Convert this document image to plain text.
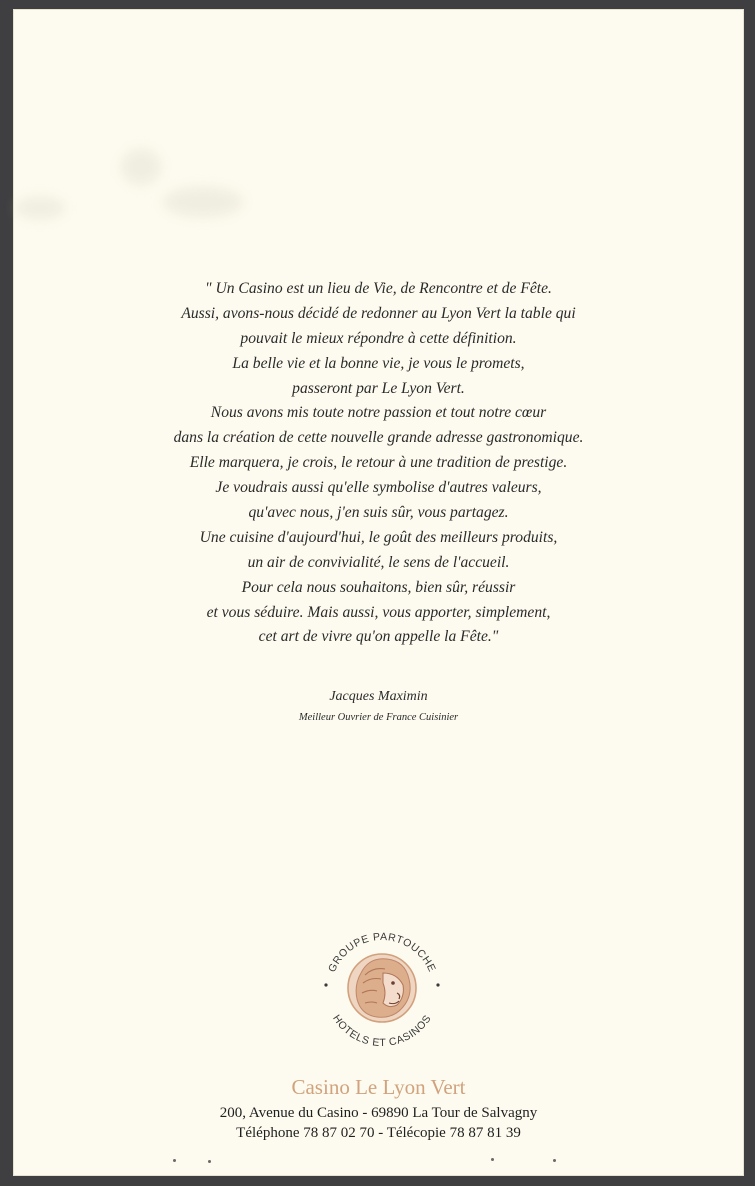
" Un Casino est un lieu de Vie, de Rencontre et de Fête.
Aussi, avons-nous décidé de redonner au Lyon Vert la table qui
pouvait le mieux répondre à cette définition.
La belle vie et la bonne vie, je vous le promets,
passeront par Le Lyon Vert.
Nous avons mis toute notre passion et tout notre cœur
dans la création de cette nouvelle grande adresse gastronomique.
Elle marquera, je crois, le retour à une tradition de prestige.
Je voudrais aussi qu'elle symbolise d'autres valeurs,
qu'avec nous, j'en suis sûr, vous partagez.
Une cuisine d'aujourd'hui, le goût des meilleurs produits,
un air de convivialité, le sens de l'accueil.
Pour cela nous souhaitons, bien sûr, réussir
et vous séduire. Mais aussi, vous apporter, simplement,
cet art de vivre qu'on appelle la Fête."
Jacques Maximin
Meilleur Ouvrier de France Cuisinier
GROUPE PARTOUCHE
HOTELS ET CASINOS
Casino Le Lyon Vert
200, Avenue du Casino - 69890 La Tour de Salvagny
Téléphone 78 87 02 70 - Télécopie 78 87 81 39
